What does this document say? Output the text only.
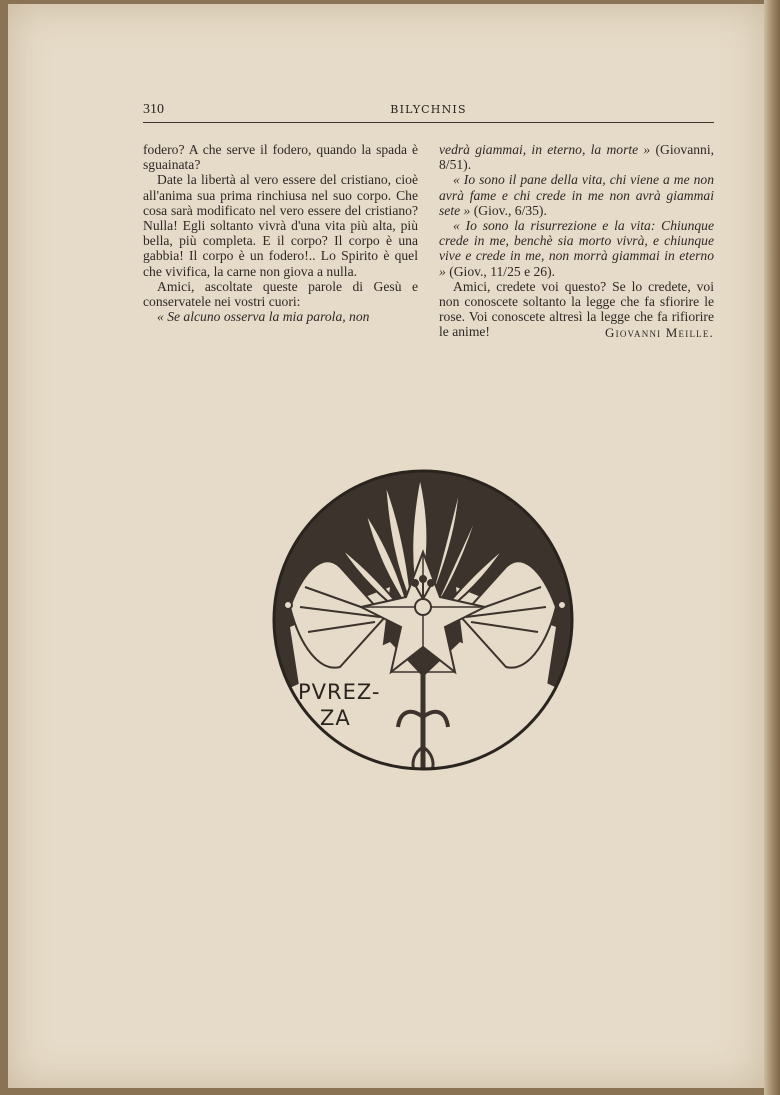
310	BILYCHNIS

fodero? A che serve il fodero, quando la spada è sguainata?

Date la libertà al vero essere del cristiano, cioè all'anima sua prima rinchiusa nel suo corpo. Che cosa sarà modificato nel vero essere del cristiano? Nulla! Egli soltanto vivrà d'una vita più alta, più bella, più completa. E il corpo? Il corpo è una gabbia! Il corpo è un fodero!.. Lo Spirito è quel che vivifica, la carne non giova a nulla.

Amici, ascoltate queste parole di Gesù e conservatele nei vostri cuori:

« Se alcuno osserva la mia parola, non

vedrà giammai, in eterno, la morte » (Giovanni, 8/51).

« Io sono il pane della vita, chi viene a me non avrà fame e chi crede in me non avrà giammai sete » (Giov., 6/35).

« Io sono la risurrezione e la vita: Chiunque crede in me, benchè sia morto vivrà, e chiunque vive e crede in me, non morrà giammai in eterno » (Giov., 11/25 e 26).

Amici, credete voi questo? Se lo credete, voi non conoscete soltanto la legge che fa sfiorire le rose. Voi conoscete altresì la legge che fa rifiorire le anime!	Giovanni Meille.
PVREZ-
ZA
